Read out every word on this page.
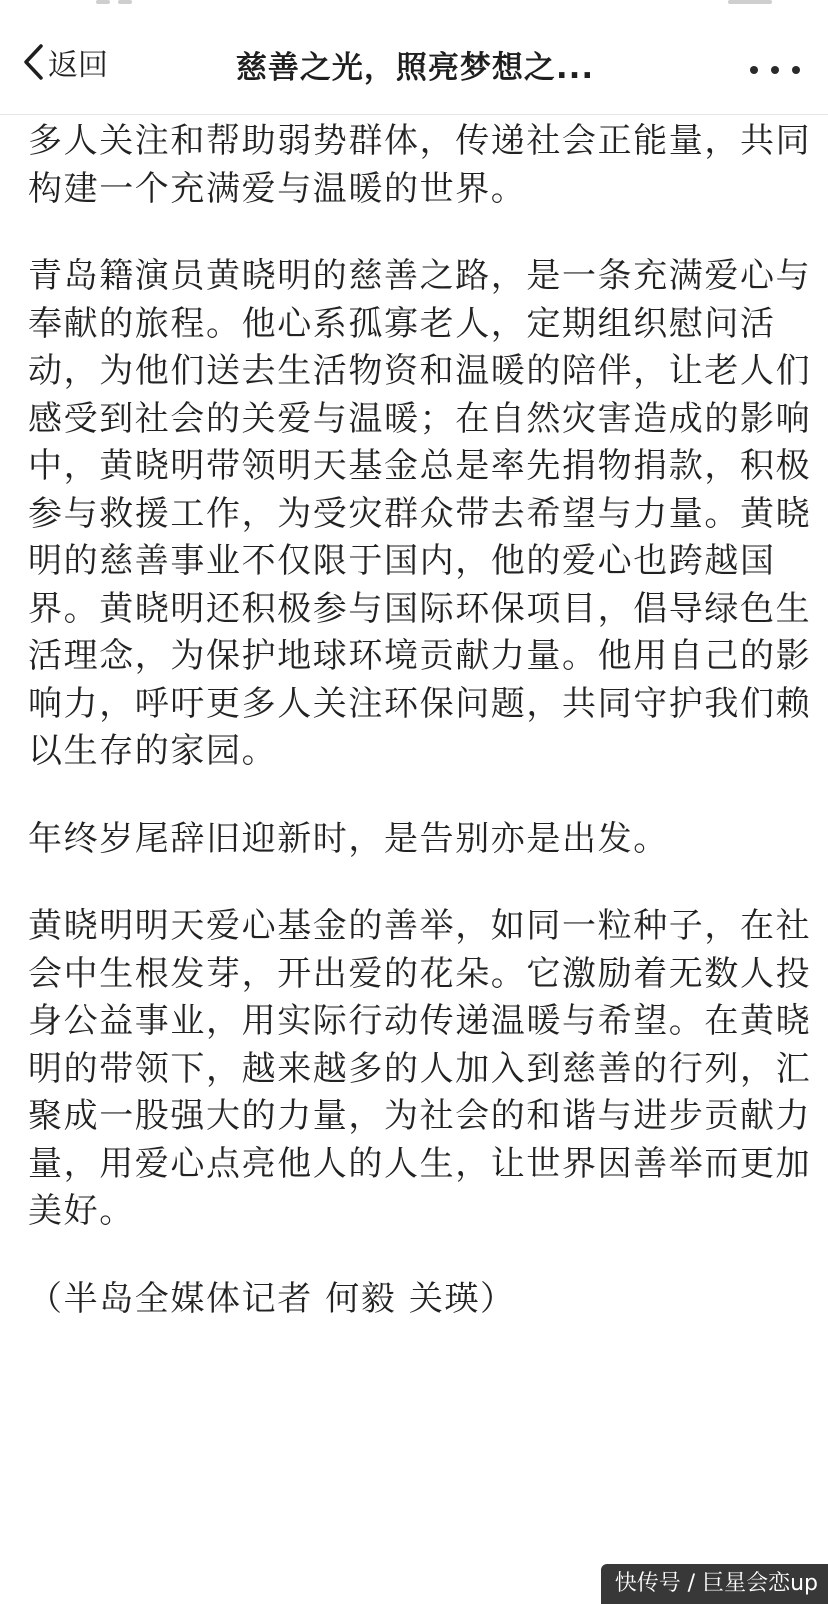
返回	慈善之光，照亮梦想之...

多人关注和帮助弱势群体，传递社会正能量，共同构建一个充满爱与温暖的世界。

青岛籍演员黄晓明的慈善之路，是一条充满爱心与奉献的旅程。他心系孤寡老人，定期组织慰问活动，为他们送去生活物资和温暖的陪伴，让老人们感受到社会的关爱与温暖；在自然灾害造成的影响中，黄晓明带领明天基金总是率先捐物捐款，积极参与救援工作，为受灾群众带去希望与力量。黄晓明的慈善事业不仅限于国内，他的爱心也跨越国界。黄晓明还积极参与国际环保项目，倡导绿色生活理念，为保护地球环境贡献力量。他用自己的影响力，呼吁更多人关注环保问题，共同守护我们赖以生存的家园。

年终岁尾辞旧迎新时，是告别亦是出发。

黄晓明明天爱心基金的善举，如同一粒种子，在社会中生根发芽，开出爱的花朵。它激励着无数人投身公益事业，用实际行动传递温暖与希望。在黄晓明的带领下，越来越多的人加入到慈善的行列，汇聚成一股强大的力量，为社会的和谐与进步贡献力量，用爱心点亮他人的人生，让世界因善举而更加美好。

（半岛全媒体记者 何毅 关瑛）

快传号 / 巨星会恋up
